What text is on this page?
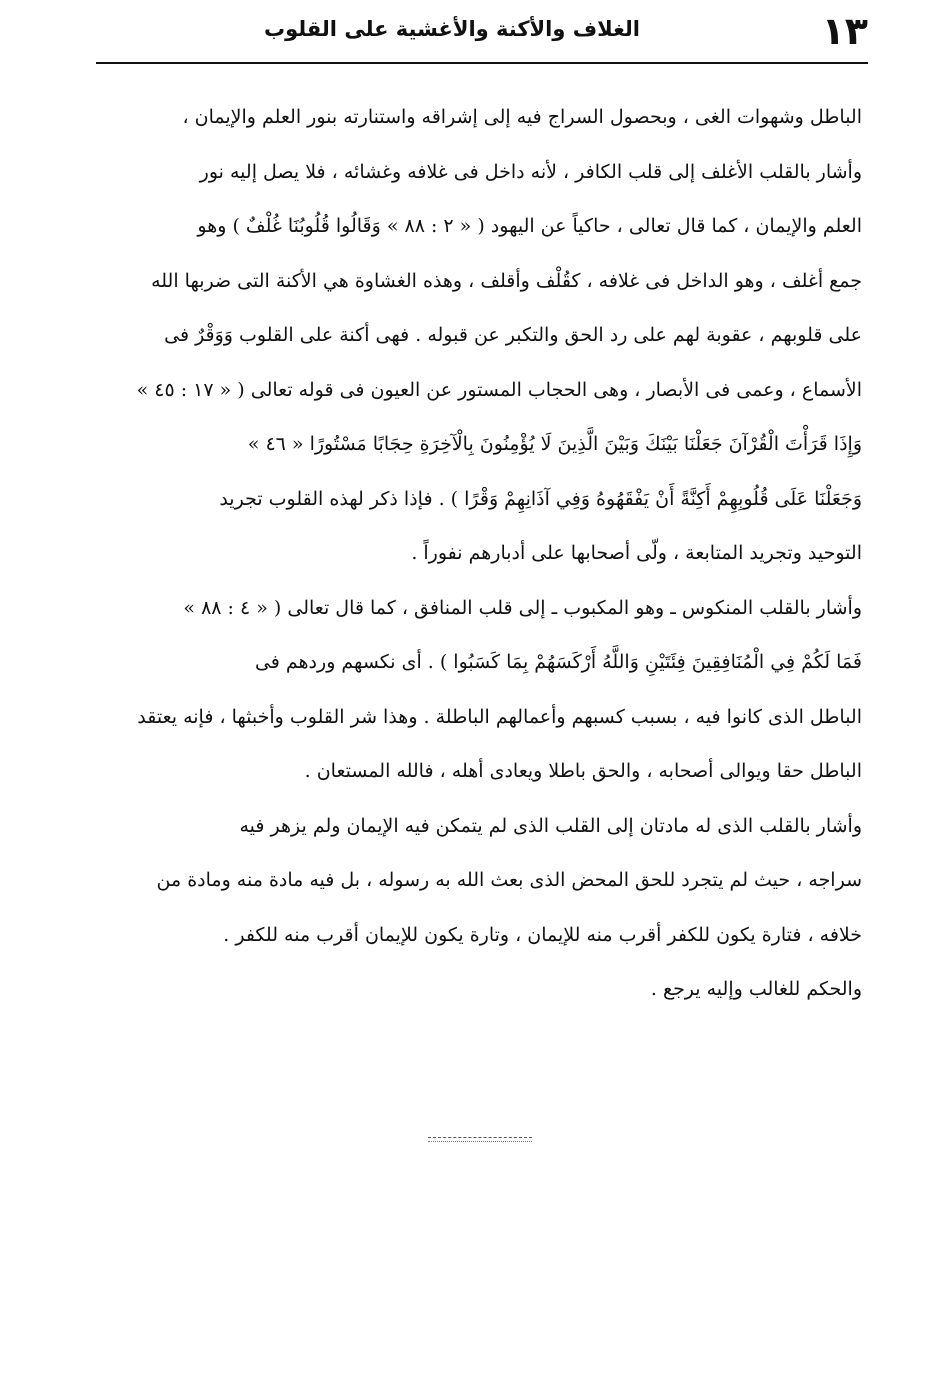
١٣
الغلاف والأكنة والأغشية على القلوب
الباطل وشهوات الغى ، وبحصول السراج فيه إلى إشراقه واستنارته بنور العلم والإيمان ،
وأشار بالقلب الأغلف إلى قلب الكافر ، لأنه داخل فى غلافه وغشائه ، فلا يصل إليه نور
العلم والإيمان ، كما قال تعالى ، حاكياً عن اليهود ( « ٢ : ٨٨ » وَقَالُوا قُلُوبُنَا غُلْفٌ ) وهو
جمع أغلف ، وهو الداخل فى غلافه ، كقُلْف وأقلف ، وهذه الغشاوة هي الأكنة التى ضربها الله
على قلوبهم ، عقوبة لهم على رد الحق والتكبر عن قبوله . فهى أكنة على القلوب وَوَقْرٌ فى
الأسماع ، وعمى فى الأبصار ، وهى الحجاب المستور عن العيون فى قوله تعالى ( « ١٧ : ٤٥ »
وَإِذَا قَرَأْتَ الْقُرْآنَ جَعَلْنَا بَيْنَكَ وَبَيْنَ الَّذِينَ لَا يُؤْمِنُونَ بِالْآخِرَةِ حِجَابًا مَسْتُورًا « ٤٦ »
وَجَعَلْنَا عَلَى قُلُوبِهِمْ أَكِنَّةً أَنْ يَفْقَهُوهُ وَفِي آذَانِهِمْ وَقْرًا ) . فإذا ذكر لهذه القلوب تجريد
التوحيد وتجريد المتابعة ، ولّى أصحابها على أدبارهم نفوراً .
وأشار بالقلب المنكوس ـ وهو المكبوب ـ إلى قلب المنافق ، كما قال تعالى ( « ٤ : ٨٨ »
فَمَا لَكُمْ فِي الْمُنَافِقِينَ فِئَتَيْنِ وَاللَّهُ أَرْكَسَهُمْ بِمَا كَسَبُوا ) . أى نكسهم وردهم فى
الباطل الذى كانوا فيه ، بسبب كسبهم وأعمالهم الباطلة . وهذا شر القلوب وأخبثها ، فإنه يعتقد
الباطل حقا ويوالى أصحابه ، والحق باطلا ويعادى أهله ، فالله المستعان .
وأشار بالقلب الذى له مادتان إلى القلب الذى لم يتمكن فيه الإيمان ولم يزهر فيه
سراجه ، حيث لم يتجرد للحق المحض الذى بعث الله به رسوله ، بل فيه مادة منه ومادة من
خلافه ، فتارة يكون للكفر أقرب منه للإيمان ، وتارة يكون للإيمان أقرب منه للكفر .
والحكم للغالب وإليه يرجع .
